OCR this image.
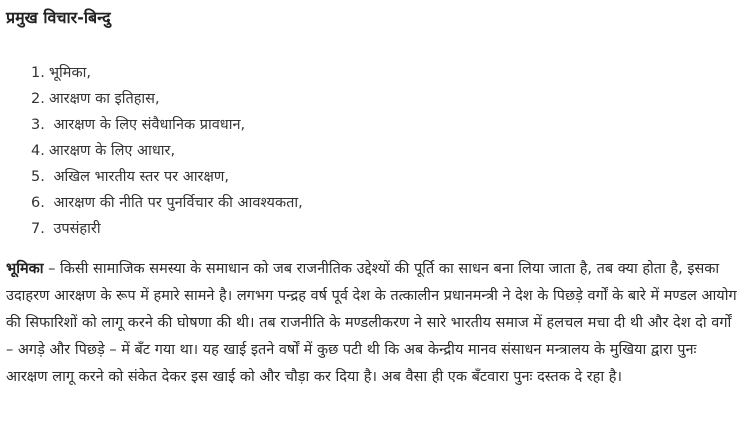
प्रमुख विचार-बिन्दु
1. भूमिका,
2. आरक्षण का इतिहास,
3. आरक्षण के लिए संवैधानिक प्रावधान,
4. आरक्षण के लिए आधार,
5. अखिल भारतीय स्तर पर आरक्षण,
6. आरक्षण की नीति पर पुनर्विचार की आवश्यकता,
7. उपसंहारी

भूमिका – किसी सामाजिक समस्या के समाधान को जब राजनीतिक उद्देश्यों की पूर्ति का साधन बना लिया जाता है, तब क्या होता है, इसका उदाहरण आरक्षण के रूप में हमारे सामने है। लगभग पन्द्रह वर्ष पूर्व देश के तत्कालीन प्रधानमन्त्री ने देश के पिछड़े वर्गों के बारे में मण्डल आयोग की सिफारिशों को लागू करने की घोषणा की थी। तब राजनीति के मण्डलीकरण ने सारे भारतीय समाज में हलचल मचा दी थी और देश दो वर्गों – अगड़े और पिछड़े – में बँट गया था। यह खाई इतने वर्षों में कुछ पटी थी कि अब केन्द्रीय मानव संसाधन मन्त्रालय के मुखिया द्वारा पुनः आरक्षण लागू करने को संकेत देकर इस खाई को और चौड़ा कर दिया है। अब वैसा ही एक बँटवारा पुनः दस्तक दे रहा है।
